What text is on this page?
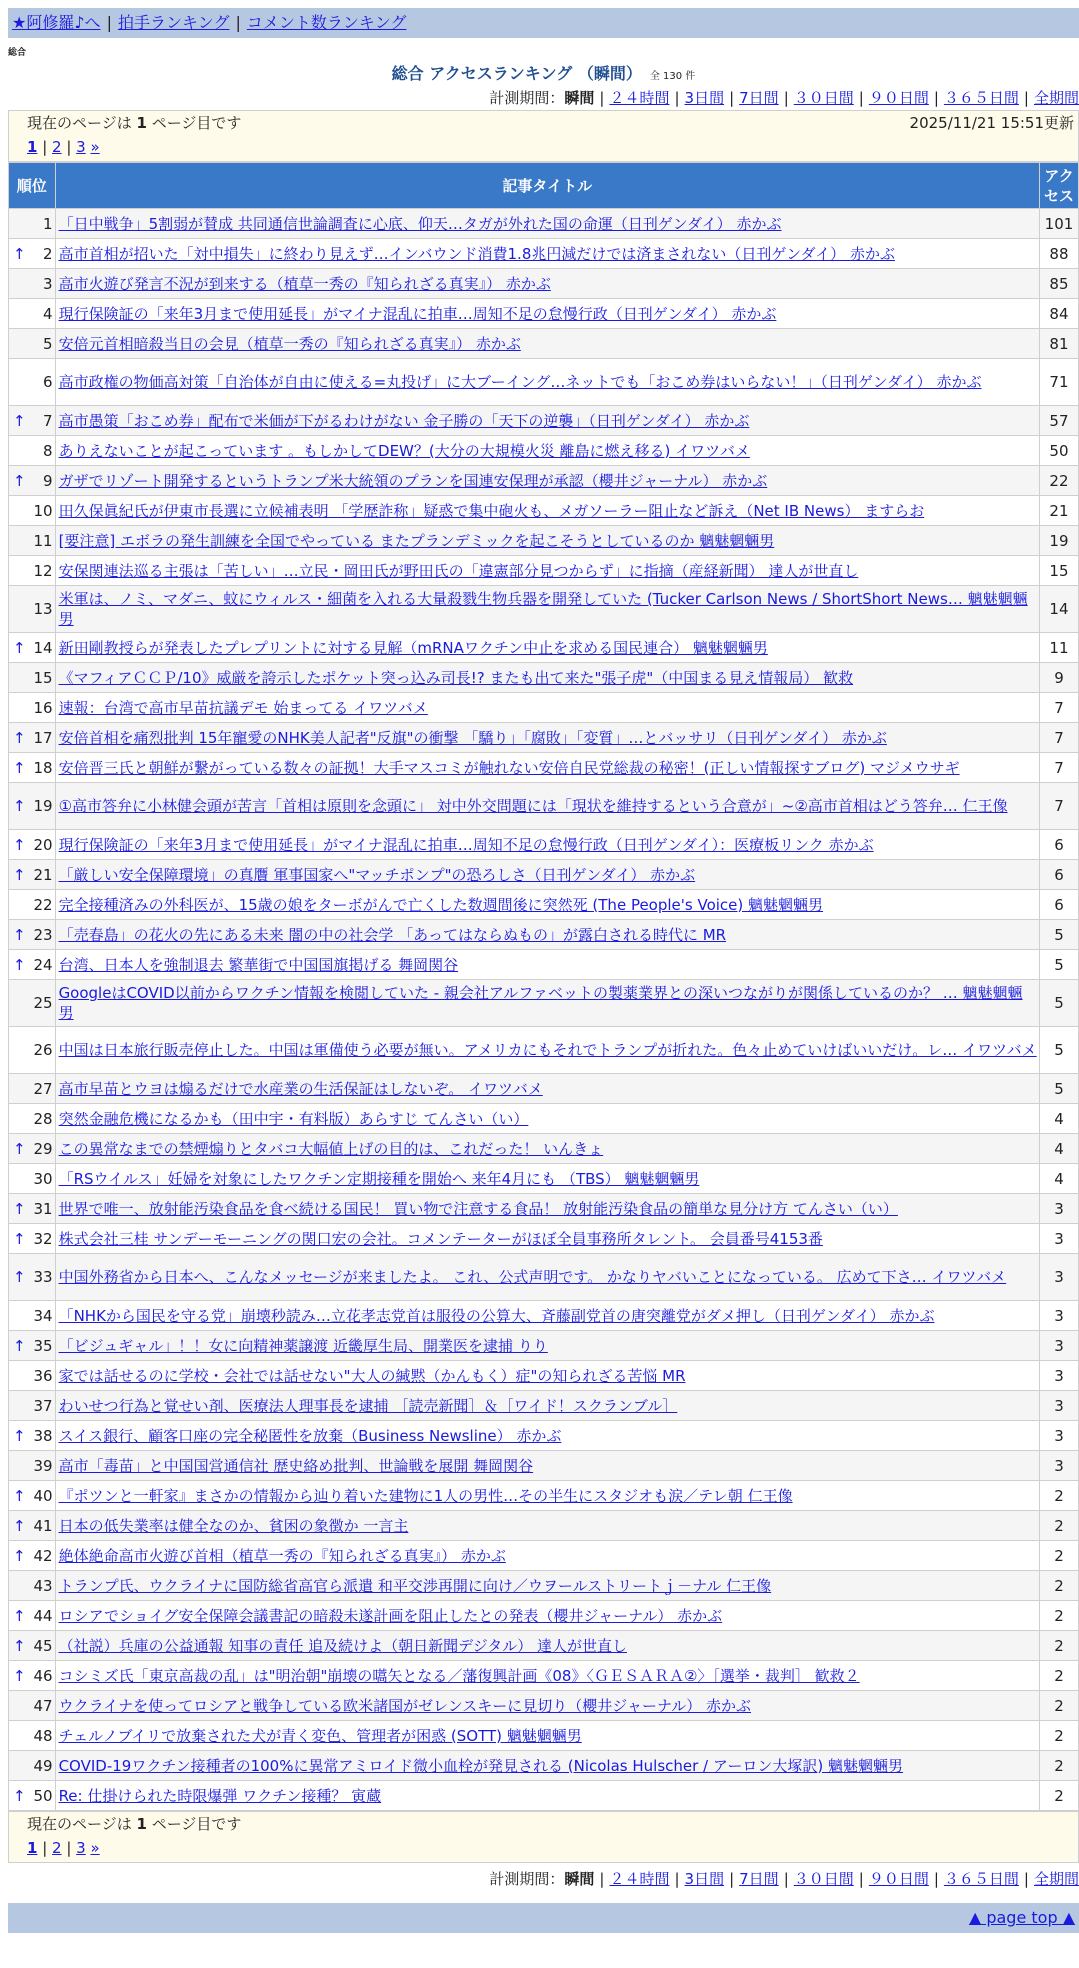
★阿修羅♪へ | 拍手ランキング | コメント数ランキング
総合
総合 アクセスランキング （瞬間） 全 130 件
計測期間：瞬間 | ２４時間 | 3日間 | 7日間 | ３０日間 | ９０日間 | ３６５日間 | 全期間
現在のページは 1 ページ目です	2025/11/21 15:51更新
1 | 2 | 3 »
順位	記事タイトル	アクセス
1	「日中戦争」5割弱が賛成 共同通信世論調査に心底、仰天…タガが外れた国の命運（日刊ゲンダイ） 赤かぶ	101

↑ 2	高市首相が招いた「対中損失」に終わり見えず…インバウンド消費1.8兆円減だけでは済まされない（日刊ゲンダイ） 赤かぶ	88
3	高市火遊び発言不況が到来する（植草一秀の『知られざる真実』） 赤かぶ	85
4	現行保険証の「来年3月まで使用延長」がマイナ混乱に拍車…周知不足の怠慢行政（日刊ゲンダイ） 赤かぶ	84
5	安倍元首相暗殺当日の会見（植草一秀の『知られざる真実』） 赤かぶ	81
6	高市政権の物価高対策「自治体が自由に使える=丸投げ」に大ブーイング…ネットでも「おこめ券はいらない！」（日刊ゲンダイ） 赤かぶ	71

↑ 7	高市愚策「おこめ券」配布で米価が下がるわけがない 金子勝の「天下の逆襲」（日刊ゲンダイ） 赤かぶ	57
8	ありえないことが起こっています 。もしかしてDEW？(大分の大規模火災 離島に燃え移る) イワツバメ	50

↑ 9	ガザでリゾート開発するというトランプ米大統領のプランを国連安保理が承認（櫻井ジャーナル） 赤かぶ	22
10	田久保眞紀氏が伊東市長選に立候補表明 「学歴詐称」疑惑で集中砲火も、メガソーラー阻止など訴え（Net IB News） ますらお	21
11	[要注意] エボラの発生訓練を全国でやっている またプランデミックを起こそうとしているのか 魑魅魍魎男	19
12	安保関連法巡る主張は「苦しい」…立民・岡田氏が野田氏の「違憲部分見つからず」に指摘（産経新聞） 達人が世直し	15
13	米軍は、ノミ、マダニ、蚊にウィルス・細菌を入れる大量殺戮生物兵器を開発していた (Tucker Carlson News / ShortShort News… 魑魅魍魎男	14

↑ 14	新田剛教授らが発表したプレプリントに対する見解（mRNAワクチン中止を求める国民連合） 魑魅魍魎男	11
15	《マフィアＣＣＰ/10》威厳を誇示したポケット突っ込み司長!? またも出て来た"張子虎"（中国まる見え情報局） 歓救	9
16	速報：台湾で高市早苗抗議デモ 始まってる イワツバメ	7

↑ 17	安倍首相を痛烈批判 15年寵愛のNHK美人記者"反旗"の衝撃 「驕り」「腐敗」「変質」…とバッサリ（日刊ゲンダイ） 赤かぶ	7

↑ 18	安倍晋三氏と朝鮮が繋がっている数々の証拠！大手マスコミが触れない安倍自民党総裁の秘密！(正しい情報探すブログ) マジメウサギ	7

↑ 19	①高市答弁に小林健会頭が苦言「首相は原則を念頭に」 対中外交問題には「現状を維持するという合意が」~②高市首相はどう答弁… 仁王像	7

↑ 20	現行保険証の「来年3月まで使用延長」がマイナ混乱に拍車…周知不足の怠慢行政（日刊ゲンダイ）：医療板リンク 赤かぶ	6

↑ 21	「厳しい安全保障環境」の真贋 軍事国家へ"マッチポンプ"の恐ろしさ（日刊ゲンダイ） 赤かぶ	6
22	完全接種済みの外科医が、15歳の娘をターボがんで亡くした数週間後に突然死 (The People's Voice) 魑魅魍魎男	6

↑ 23	「売春島」の花火の先にある未来 闇の中の社会学 「あってはならぬもの」が露白される時代に MR	5

↑ 24	台湾、日本人を強制退去 繁華街で中国国旗掲げる 舞岡関谷	5
25	GoogleはCOVID以前からワクチン情報を検閲していた - 親会社アルファベットの製薬業界との深いつながりが関係しているのか？ … 魑魅魍魎男	5
26	中国は日本旅行販売停止した。中国は軍備使う必要が無い。アメリカにもそれでトランプが折れた。色々止めていけばいいだけ。レ… イワツバメ	5
27	高市早苗とウヨは煽るだけで水産業の生活保証はしないぞ。 イワツバメ	5
28	突然金融危機になるかも（田中宇・有料版）あらすじ てんさい（い）	4

↑ 29	この異常なまでの禁煙煽りとタバコ大幅値上げの目的は、これだった！ いんきょ	4
30	「RSウイルス」妊婦を対象にしたワクチン定期接種を開始へ 来年4月にも （TBS） 魑魅魍魎男	4

↑ 31	世界で唯一、放射能汚染食品を食べ続ける国民！ 買い物で注意する食品！ 放射能汚染食品の簡単な見分け方 てんさい（い）	3

↑ 32	株式会社三桂 サンデーモーニングの関口宏の会社。コメンテーターがほぼ全員事務所タレント。 会員番号4153番	3

↑ 33	中国外務省から日本へ、こんなメッセージが来ましたよ。 これ、公式声明です。 かなりヤバいことになっている。 広めて下さ… イワツバメ	3
34	「NHKから国民を守る党」崩壊秒読み…立花孝志党首は服役の公算大、斉藤副党首の唐突離党がダメ押し（日刊ゲンダイ） 赤かぶ	3

↑ 35	「ビジュギャル」！！女に向精神薬譲渡 近畿厚生局、開業医を逮捕 りり	3
36	家では話せるのに学校・会社では話せない"大人の緘黙（かんもく）症"の知られざる苦悩 MR	3
37	わいせつ行為と覚せい剤、医療法人理事長を逮捕 ［読売新聞］＆［ワイド！スクランブル］	3

↑ 38	スイス銀行、顧客口座の完全秘匿性を放棄（Business Newsline） 赤かぶ	3
39	高市「毒苗」と中国国営通信社 歴史絡め批判、世論戦を展開 舞岡関谷	3

↑ 40	『ポツンと一軒家』まさかの情報から辿り着いた建物に1人の男性…その半生にスタジオも涙／テレ朝 仁王像	2

↑ 41	日本の低失業率は健全なのか、貧困の象徴か 一言主	2

↑ 42	絶体絶命高市火遊び首相（植草一秀の『知られざる真実』） 赤かぶ	2
43	トランプ氏、ウクライナに国防総省高官ら派遣 和平交渉再開に向け／ウヲールストリートｊ－ナル 仁王像	2

↑ 44	ロシアでショイグ安全保障会議書記の暗殺未遂計画を阻止したとの発表（櫻井ジャーナル） 赤かぶ	2

↑ 45	（社説）兵庫の公益通報 知事の責任 追及続けよ（朝日新聞デジタル） 達人が世直し	2

↑ 46	コシミズ氏「東京高裁の乱」は"明治朝"崩壊の嚆矢となる／藩復興計画《08》〈ＧＥＳＡＲＡ②〉［選挙・裁判］ 歓救２	2
47	ウクライナを使ってロシアと戦争している欧米諸国がゼレンスキーに見切り（櫻井ジャーナル） 赤かぶ	2
48	チェルノブイリで放棄された犬が青く変色、管理者が困惑 (SOTT) 魑魅魍魎男	2
49	COVID-19ワクチン接種者の100%に異常アミロイド微小血栓が発見される (Nicolas Hulscher / アーロン大塚訳) 魑魅魍魎男	2

↑ 50	Re: 仕掛けられた時限爆弾 ワクチン接種？ 寅蔵	2
現在のページは 1 ページ目です
1 | 2 | 3 »
計測期間：瞬間 | ２４時間 | 3日間 | 7日間 | ３０日間 | ９０日間 | ３６５日間 | 全期間
▲ page top ▲
